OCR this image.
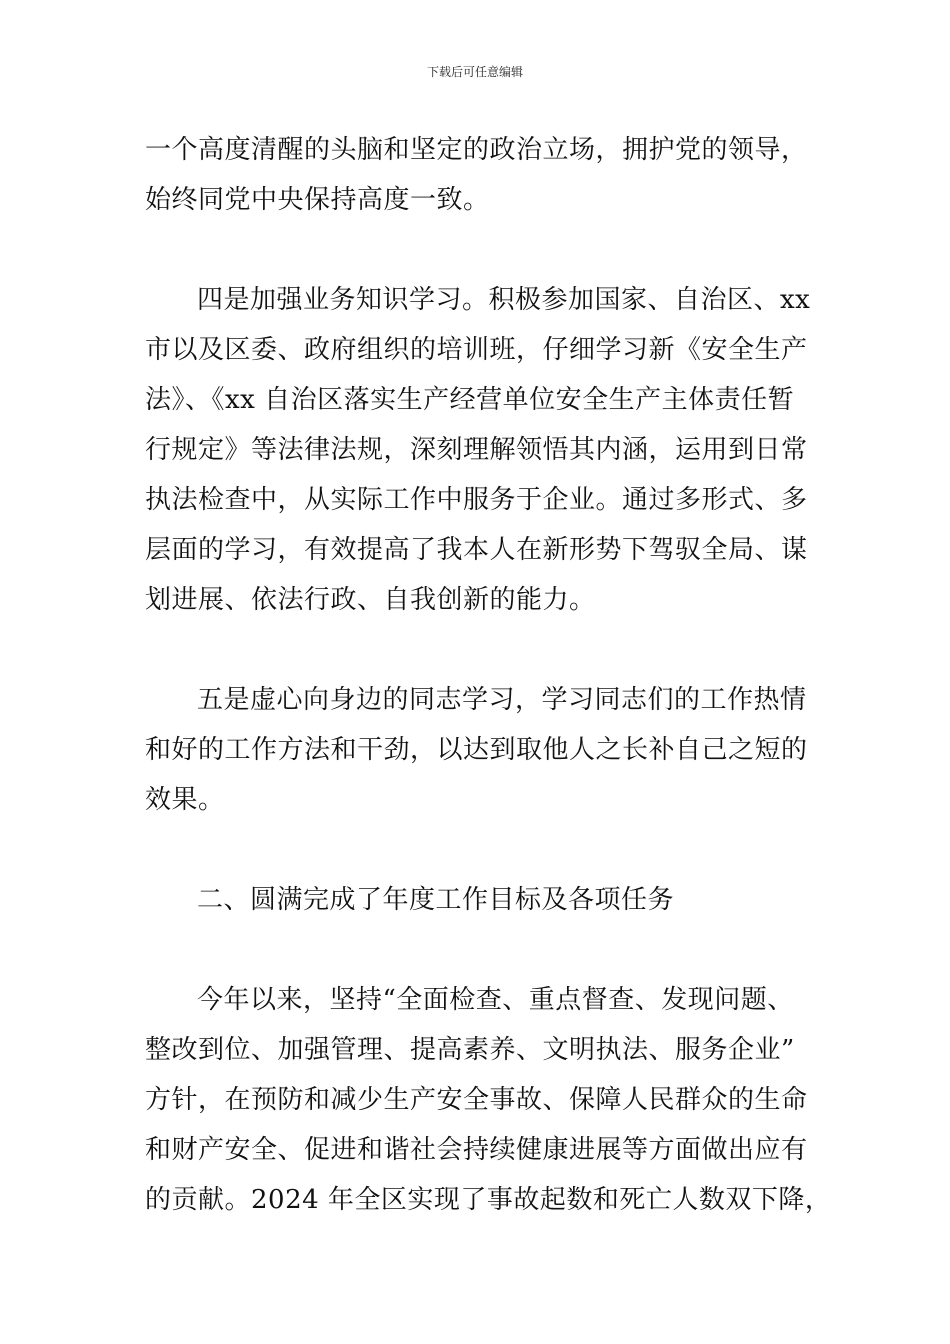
下载后可任意编辑
一个高度清醒的头脑和坚定的政治立场，拥护党的领导，
始终同党中央保持高度一致。
四是加强业务知识学习。积极参加国家、自治区、xx
市以及区委、政府组织的培训班，仔细学习新《安全生产
法》、《xx 自治区落实生产经营单位安全生产主体责任暂
行规定》等法律法规，深刻理解领悟其内涵，运用到日常
执法检查中，从实际工作中服务于企业。通过多形式、多
层面的学习，有效提高了我本人在新形势下驾驭全局、谋
划进展、依法行政、自我创新的能力。
五是虚心向身边的同志学习，学习同志们的工作热情
和好的工作方法和干劲，以达到取他人之长补自己之短的
效果。
二、圆满完成了年度工作目标及各项任务
今年以来，坚持“全面检查、重点督查、发现问题、
整改到位、加强管理、提高素养、文明执法、服务企业”
方针，在预防和减少生产安全事故、保障人民群众的生命
和财产安全、促进和谐社会持续健康进展等方面做出应有
的贡献。2024 年全区实现了事故起数和死亡人数双下降，
